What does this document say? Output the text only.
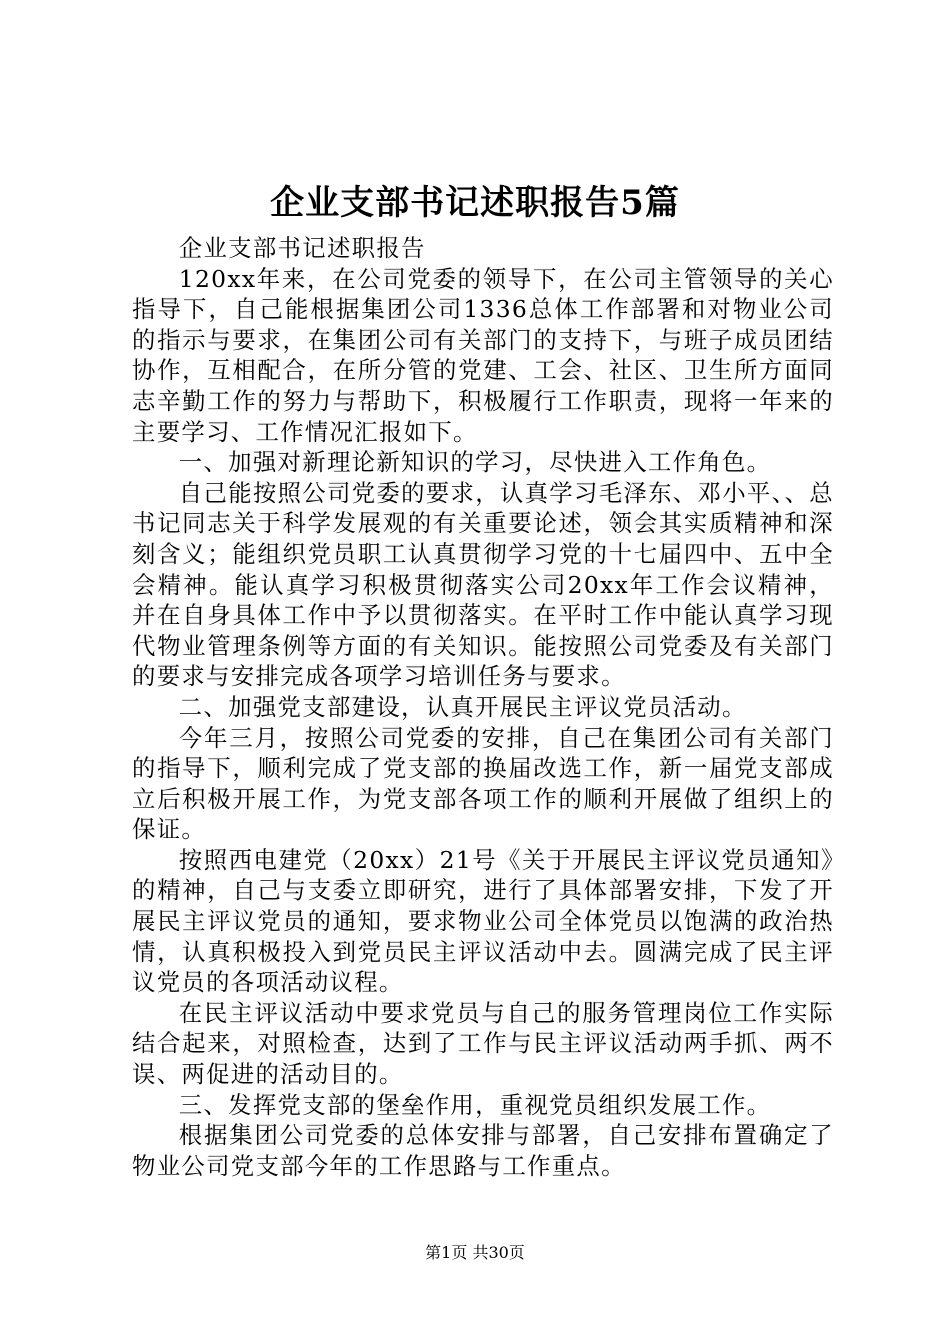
企业支部书记述职报告5篇

企业支部书记述职报告

120xx年来，在公司党委的领导下，在公司主管领导的关心指导下，自己能根据集团公司1336总体工作部署和对物业公司的指示与要求，在集团公司有关部门的支持下，与班子成员团结协作，互相配合，在所分管的党建、工会、社区、卫生所方面同志辛勤工作的努力与帮助下，积极履行工作职责，现将一年来的主要学习、工作情况汇报如下。

一、加强对新理论新知识的学习，尽快进入工作角色。

自己能按照公司党委的要求，认真学习毛泽东、邓小平、、总书记同志关于科学发展观的有关重要论述，领会其实质精神和深刻含义；能组织党员职工认真贯彻学习党的十七届四中、五中全会精神。能认真学习积极贯彻落实公司20xx年工作会议精神，并在自身具体工作中予以贯彻落实。在平时工作中能认真学习现代物业管理条例等方面的有关知识。能按照公司党委及有关部门的要求与安排完成各项学习培训任务与要求。

二、加强党支部建设，认真开展民主评议党员活动。

今年三月，按照公司党委的安排，自己在集团公司有关部门的指导下，顺利完成了党支部的换届改选工作，新一届党支部成立后积极开展工作，为党支部各项工作的顺利开展做了组织上的保证。

按照西电建党（20xx）21号《关于开展民主评议党员通知》的精神，自己与支委立即研究，进行了具体部署安排，下发了开展民主评议党员的通知，要求物业公司全体党员以饱满的政治热情，认真积极投入到党员民主评议活动中去。圆满完成了民主评议党员的各项活动议程。

在民主评议活动中要求党员与自己的服务管理岗位工作实际结合起来，对照检查，达到了工作与民主评议活动两手抓、两不误、两促进的活动目的。

三、发挥党支部的堡垒作用，重视党员组织发展工作。

根据集团公司党委的总体安排与部署，自己安排布置确定了物业公司党支部今年的工作思路与工作重点。

第1页 共30页
